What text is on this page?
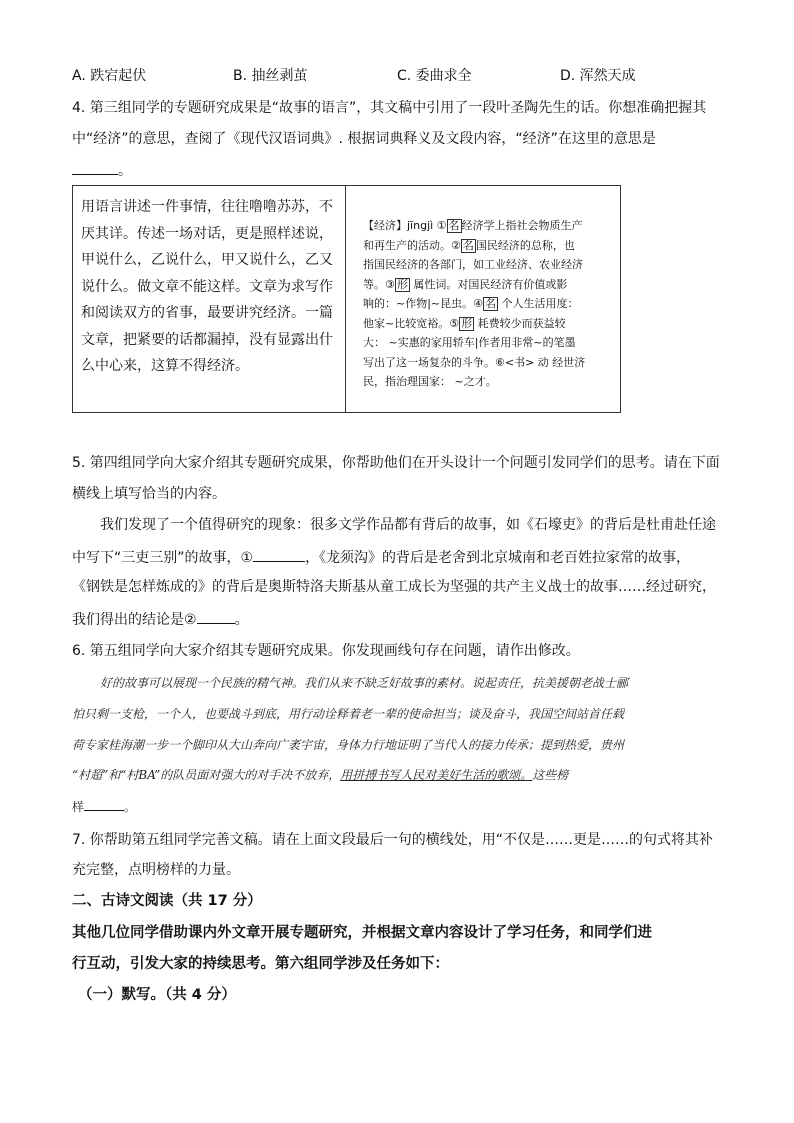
A. 跌宕起伏	B. 抽丝剥茧	C. 委曲求全	D. 浑然天成
4. 第三组同学的专题研究成果是“故事的语言”，其文稿中引用了一段叶圣陶先生的话。你想准确把握其
中“经济”的意思，查阅了《现代汉语词典》. 根据词典释义及文段内容，“经济”在这里的意思是
。
用语言讲述一件事情，往往噜噜苏苏，不
厌其详。传述一场对话，更是照样述说，
甲说什么，乙说什么，甲又说什么，乙又
说什么。做文章不能这样。文章为求写作
和阅读双方的省事，最要讲究经济。一篇
文章，把紧要的话都漏掉，没有显露出什
么中心来，这算不得经济。
【经济】jīngjì ① 名 经济学上指社会物质生产
和再生产的活动。② 名 国民经济的总称，也
指国民经济的各部门，如工业经济、农业经济
等。③ 形 属性词。对国民经济有价值或影
响的：~作物|~昆虫。④ 名 个人生活用度：
他家~比较宽裕。⑤ 形 耗费较少而获益较
大： ~实惠的家用轿车|作者用非常~的笔墨
写出了这一场复杂的斗争。⑥<书> 动 经世济
民，指治理国家： ~之才。
5. 第四组同学向大家介绍其专题研究成果，你帮助他们在开头设计一个问题引发同学们的思考。请在下面
横线上填写恰当的内容。
我们发现了一个值得研究的现象：很多文学作品都有背后的故事，如《石壕吏》的背后是杜甫赴任途
中写下“三吏三别”的故事，①	，《龙须沟》的背后是老舍到北京城南和老百姓拉家常的故事，
《钢铁是怎样炼成的》的背后是奥斯特洛夫斯基从童工成长为坚强的共产主义战士的故事……经过研究，
我们得出的结论是②	。
6. 第五组同学向大家介绍其专题研究成果。你发现画线句存在问题，请作出修改。
好的故事可以展现一个民族的精气神。我们从来不缺乏好故事的素材。说起责任，抗美援朝老战士郦
怕只剩一支枪，一个人，也要战斗到底，用行动诠释着老一辈的使命担当；谈及奋斗，我国空间站首任载
荷专家桂海潮一步一个脚印从大山奔向广袤宇宙，身体力行地证明了当代人的接力传承；提到热爱，贵州
“村超”和“村BA”的队员面对强大的对手决不放弃，用拼搏书写人民对美好生活的歌颂。这些榜
样	。
7. 你帮助第五组同学完善文稿。请在上面文段最后一句的横线处，用“不仅是……更是……的句式将其补
充完整，点明榜样的力量。
二、古诗文阅读（共 17 分）
其他几位同学借助课内外文章开展专题研究，并根据文章内容设计了学习任务，和同学们进
行互动，引发大家的持续思考。第六组同学涉及任务如下：
（一）默写。（共 4 分）
